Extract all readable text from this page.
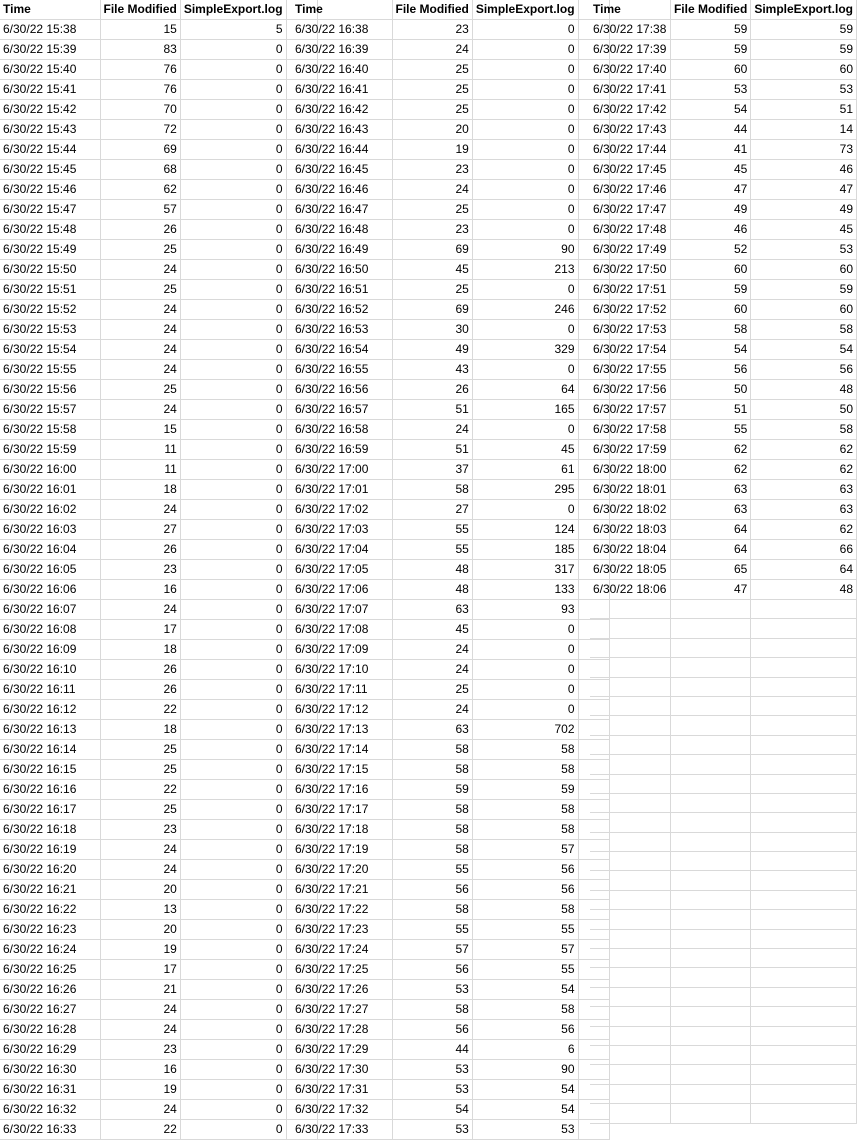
Time	File Modified	SimpleExport.log	
6/30/22 15:38	15	5	
6/30/22 15:39	83	0	
6/30/22 15:40	76	0	
6/30/22 15:41	76	0	
6/30/22 15:42	70	0	
6/30/22 15:43	72	0	
6/30/22 15:44	69	0	
6/30/22 15:45	68	0	
6/30/22 15:46	62	0	
6/30/22 15:47	57	0	
6/30/22 15:48	26	0	
6/30/22 15:49	25	0	
6/30/22 15:50	24	0	
6/30/22 15:51	25	0	
6/30/22 15:52	24	0	
6/30/22 15:53	24	0	
6/30/22 15:54	24	0	
6/30/22 15:55	24	0	
6/30/22 15:56	25	0	
6/30/22 15:57	24	0	
6/30/22 15:58	15	0	
6/30/22 15:59	11	0	
6/30/22 16:00	11	0	
6/30/22 16:01	18	0	
6/30/22 16:02	24	0	
6/30/22 16:03	27	0	
6/30/22 16:04	26	0	
6/30/22 16:05	23	0	
6/30/22 16:06	16	0	
6/30/22 16:07	24	0	
6/30/22 16:08	17	0	
6/30/22 16:09	18	0	
6/30/22 16:10	26	0	
6/30/22 16:11	26	0	
6/30/22 16:12	22	0	
6/30/22 16:13	18	0	
6/30/22 16:14	25	0	
6/30/22 16:15	25	0	
6/30/22 16:16	22	0	
6/30/22 16:17	25	0	
6/30/22 16:18	23	0	
6/30/22 16:19	24	0	
6/30/22 16:20	24	0	
6/30/22 16:21	20	0	
6/30/22 16:22	13	0	
6/30/22 16:23	20	0	
6/30/22 16:24	19	0	
6/30/22 16:25	17	0	
6/30/22 16:26	21	0	
6/30/22 16:27	24	0	
6/30/22 16:28	24	0	
6/30/22 16:29	23	0	
6/30/22 16:30	16	0	
6/30/22 16:31	19	0	
6/30/22 16:32	24	0	
6/30/22 16:33	22	0	
Time	File Modified	SimpleExport.log	
6/30/22 16:38	23	0	
6/30/22 16:39	24	0	
6/30/22 16:40	25	0	
6/30/22 16:41	25	0	
6/30/22 16:42	25	0	
6/30/22 16:43	20	0	
6/30/22 16:44	19	0	
6/30/22 16:45	23	0	
6/30/22 16:46	24	0	
6/30/22 16:47	25	0	
6/30/22 16:48	23	0	
6/30/22 16:49	69	90	
6/30/22 16:50	45	213	
6/30/22 16:51	25	0	
6/30/22 16:52	69	246	
6/30/22 16:53	30	0	
6/30/22 16:54	49	329	
6/30/22 16:55	43	0	
6/30/22 16:56	26	64	
6/30/22 16:57	51	165	
6/30/22 16:58	24	0	
6/30/22 16:59	51	45	
6/30/22 17:00	37	61	
6/30/22 17:01	58	295	
6/30/22 17:02	27	0	
6/30/22 17:03	55	124	
6/30/22 17:04	55	185	
6/30/22 17:05	48	317	
6/30/22 17:06	48	133	
6/30/22 17:07	63	93	
6/30/22 17:08	45	0	
6/30/22 17:09	24	0	
6/30/22 17:10	24	0	
6/30/22 17:11	25	0	
6/30/22 17:12	24	0	
6/30/22 17:13	63	702	
6/30/22 17:14	58	58	
6/30/22 17:15	58	58	
6/30/22 17:16	59	59	
6/30/22 17:17	58	58	
6/30/22 17:18	58	58	
6/30/22 17:19	58	57	
6/30/22 17:20	55	56	
6/30/22 17:21	56	56	
6/30/22 17:22	58	58	
6/30/22 17:23	55	55	
6/30/22 17:24	57	57	
6/30/22 17:25	56	55	
6/30/22 17:26	53	54	
6/30/22 17:27	58	58	
6/30/22 17:28	56	56	
6/30/22 17:29	44	6	
6/30/22 17:30	53	90	
6/30/22 17:31	53	54	
6/30/22 17:32	54	54	
6/30/22 17:33	53	53	
Time	File Modified	SimpleExport.log
6/30/22 17:38	59	59
6/30/22 17:39	59	59
6/30/22 17:40	60	60
6/30/22 17:41	53	53
6/30/22 17:42	54	51
6/30/22 17:43	44	14
6/30/22 17:44	41	73
6/30/22 17:45	45	46
6/30/22 17:46	47	47
6/30/22 17:47	49	49
6/30/22 17:48	46	45
6/30/22 17:49	52	53
6/30/22 17:50	60	60
6/30/22 17:51	59	59
6/30/22 17:52	60	60
6/30/22 17:53	58	58
6/30/22 17:54	54	54
6/30/22 17:55	56	56
6/30/22 17:56	50	48
6/30/22 17:57	51	50
6/30/22 17:58	55	58
6/30/22 17:59	62	62
6/30/22 18:00	62	62
6/30/22 18:01	63	63
6/30/22 18:02	63	63
6/30/22 18:03	64	62
6/30/22 18:04	64	66
6/30/22 18:05	65	64
6/30/22 18:06	47	48
